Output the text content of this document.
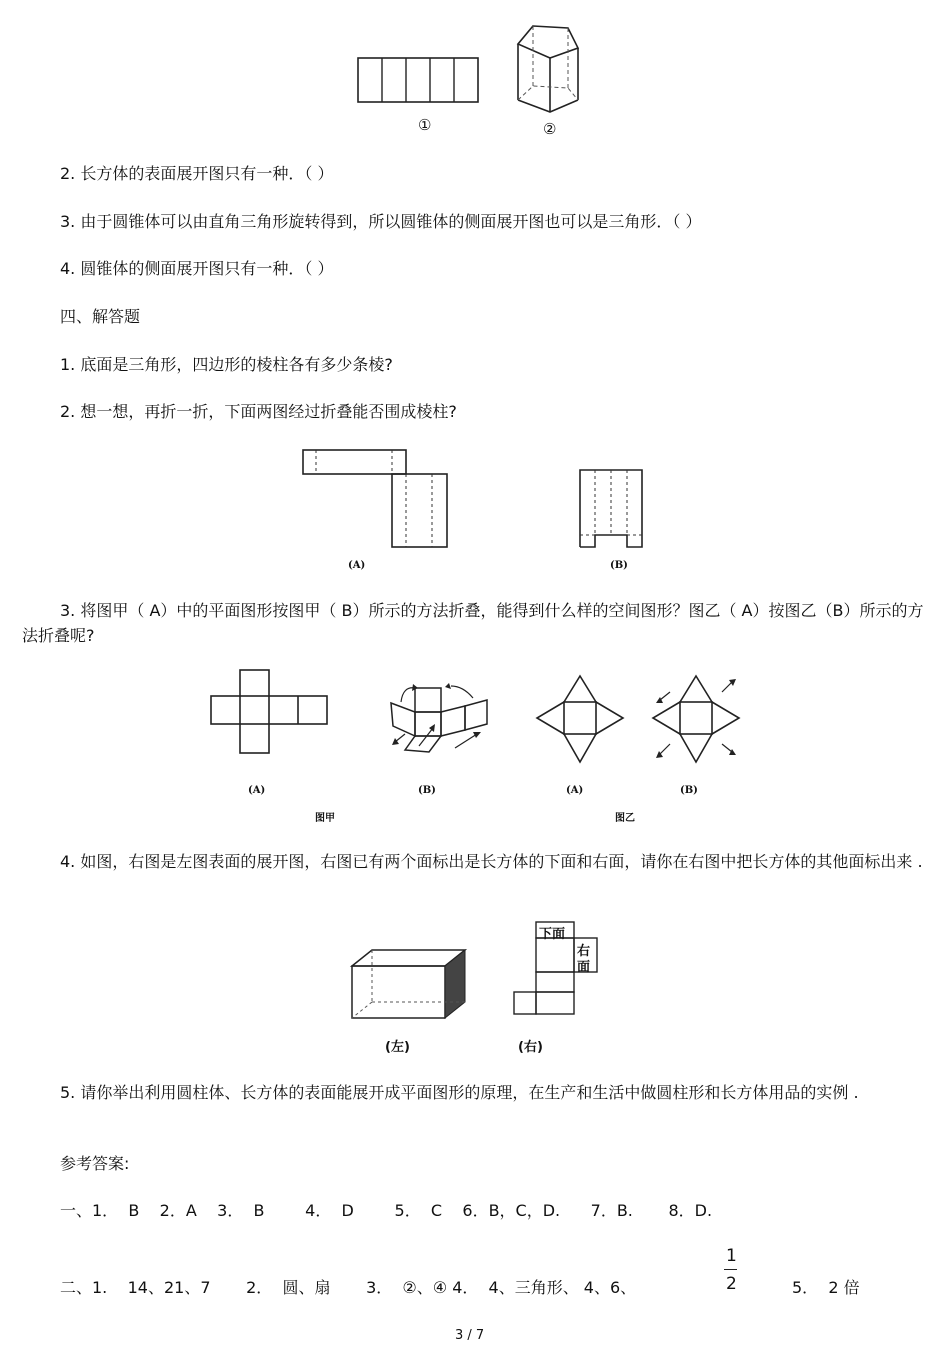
①	②
2. 长方体的表面展开图只有一种．（ ）
3. 由于圆锥体可以由直角三角形旋转得到，所以圆锥体的侧面展开图也可以是三角形．（ ）
4. 圆锥体的侧面展开图只有一种．（ ）
四、解答题
1. 底面是三角形，四边形的棱柱各有多少条棱?
2. 想一想，再折一折，下面两图经过折叠能否围成棱柱?
(A)	(B)
3. 将图甲（ A）中的平面图形按图甲（ B）所示的方法折叠，能得到什么样的空间图形？图乙（ A）按图乙（B）所示的方法折叠呢?
(A)	(B)	(A)	(B)
图甲	图乙
4. 如图，右图是左图表面的展开图，右图已有两个面标出是长方体的下面和右面，请你在右图中把长方体的其他面标出来 .
下面
右
面
(左)	(右)
5. 请你举出利用圆柱体、长方体的表面能展开成平面图形的原理，在生产和生活中做圆柱形和长方体用品的实例 .
参考答案:
一、1．  B    2．A    3．  B        4．  D        5．  C    6．B，C，D.      7．B.       8．D.
二、1.    14、21、7       2．  圆、扇       3．  ②、④ 4．  4、三角形、 4、6、
1
2	5．  2 倍
3 / 7
